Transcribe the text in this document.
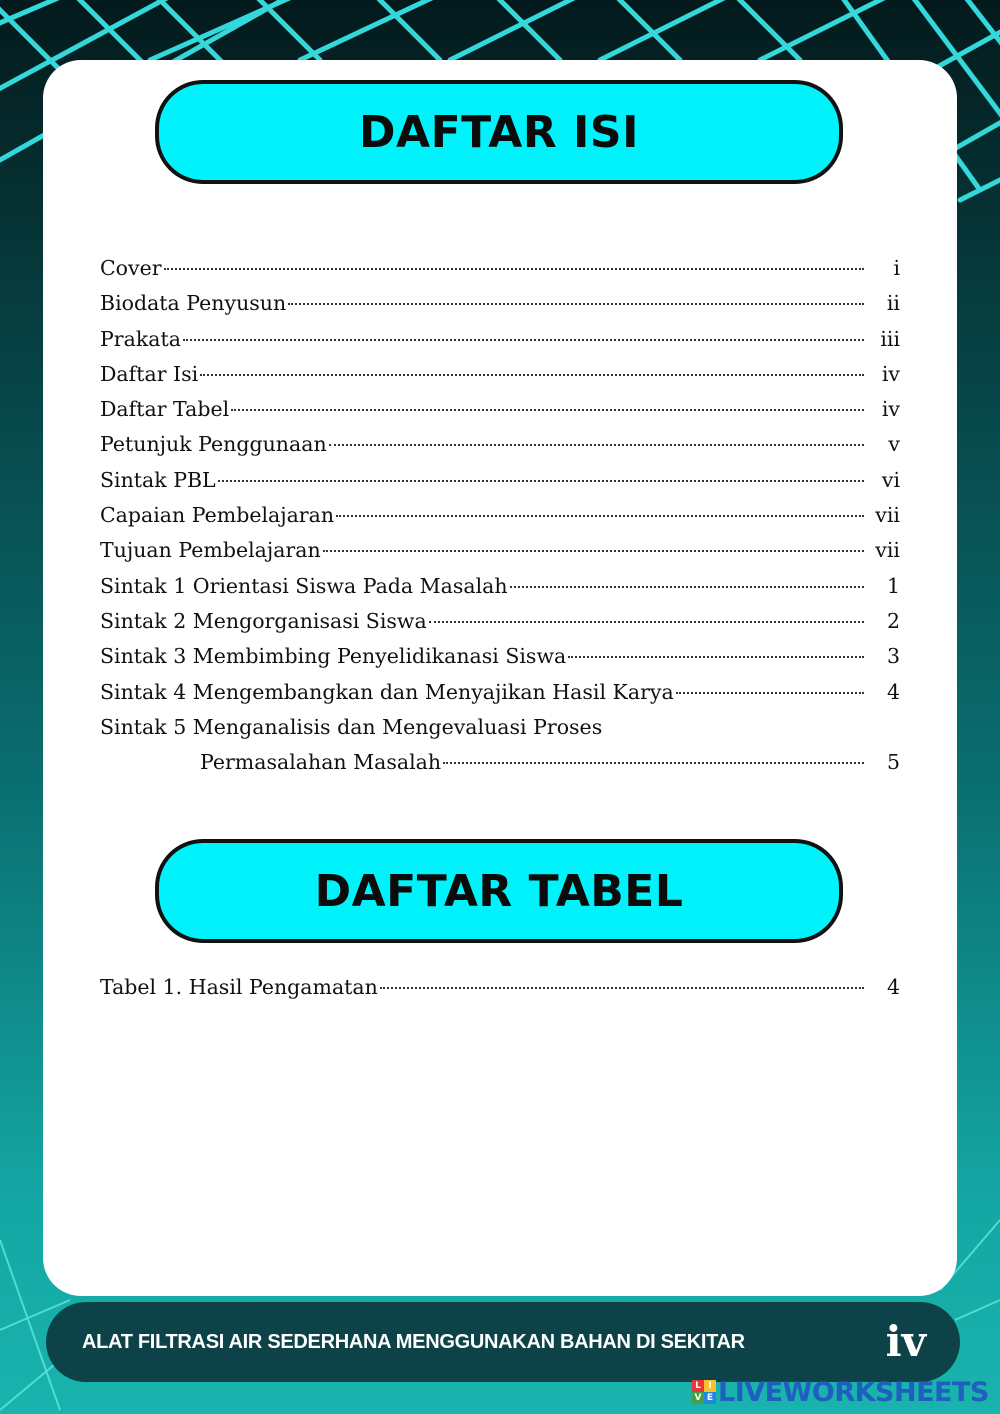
DAFTAR ISI
Cover	i
Biodata Penyusun	ii
Prakata	iii
Daftar Isi	iv
Daftar Tabel	iv
Petunjuk Penggunaan	v
Sintak PBL	vi
Capaian Pembelajaran	vii
Tujuan Pembelajaran	vii
Sintak 1 Orientasi Siswa Pada Masalah	1
Sintak 2 Mengorganisasi Siswa	2
Sintak 3 Membimbing Penyelidikanasi Siswa	3
Sintak 4 Mengembangkan dan Menyajikan Hasil Karya	4
Sintak 5 Menganalisis dan Mengevaluasi Proses
Permasalahan Masalah	5
DAFTAR TABEL
Tabel 1. Hasil Pengamatan	4
ALAT FILTRASI AIR SEDERHANA MENGGUNAKAN BAHAN DI SEKITAR	iv
L I
V E LIVEWORKSHEETS
